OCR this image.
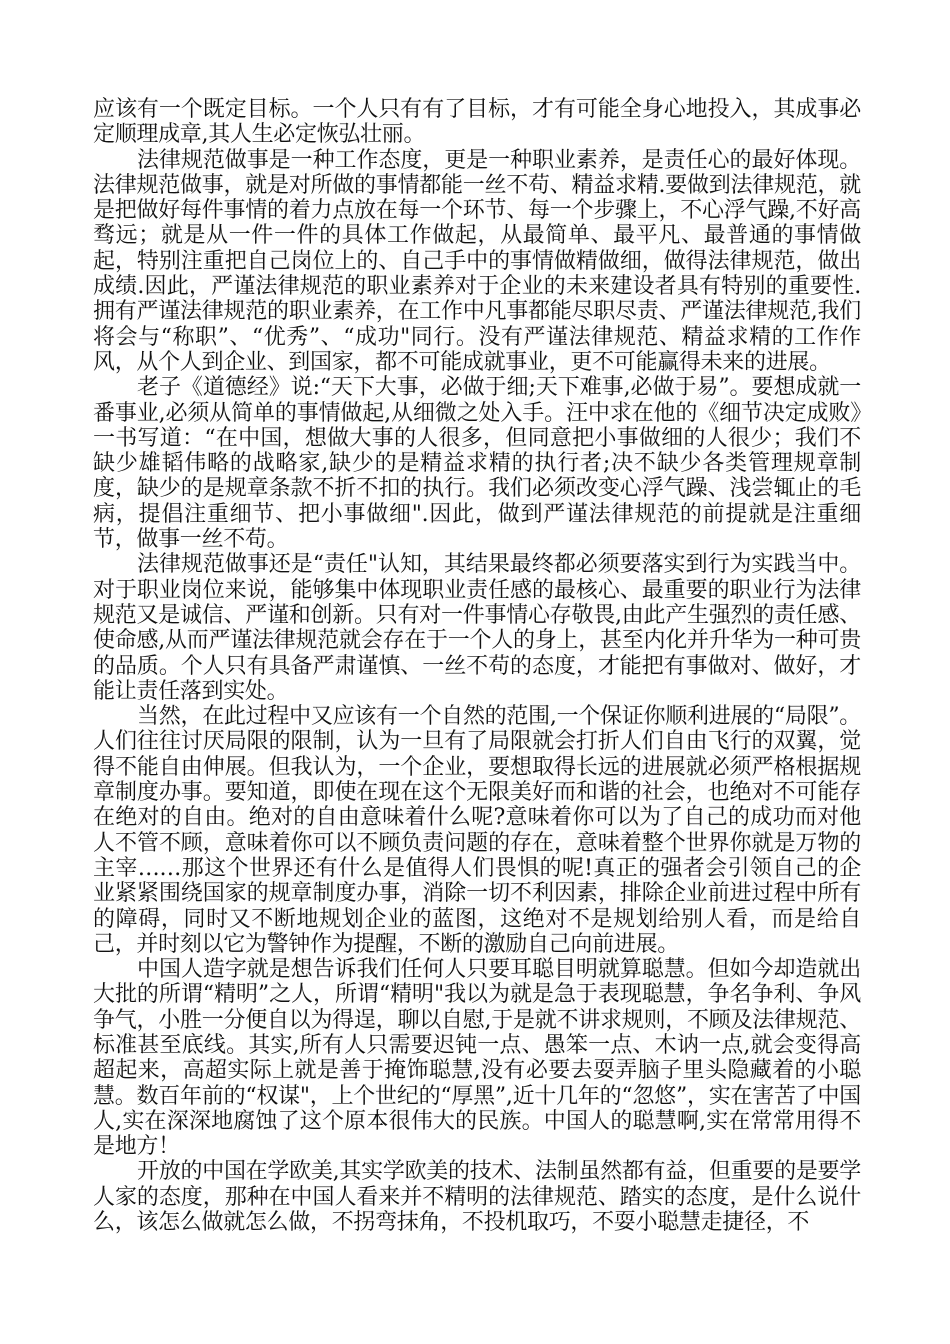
应该有一个既定目标。一个人只有有了目标，才有可能全身心地投入，其成事必定顺理成章,其人生必定恢弘壮丽。

法律规范做事是一种工作态度，更是一种职业素养，是责任心的最好体现。法律规范做事，就是对所做的事情都能一丝不苟、精益求精.要做到法律规范，就是把做好每件事情的着力点放在每一个环节、每一个步骤上，不心浮气躁,不好高骛远；就是从一件一件的具体工作做起，从最简单、最平凡、最普通的事情做起，特别注重把自己岗位上的、自己手中的事情做精做细，做得法律规范，做出成绩.因此，严谨法律规范的职业素养对于企业的未来建设者具有特别的重要性.拥有严谨法律规范的职业素养，在工作中凡事都能尽职尽责、严谨法律规范,我们将会与“称职”、“优秀”、“成功"同行。没有严谨法律规范、精益求精的工作作风，从个人到企业、到国家，都不可能成就事业，更不可能赢得未来的进展。

老子《道德经》说:“天下大事，必做于细;天下难事,必做于易”。要想成就一番事业,必须从简单的事情做起,从细微之处入手。汪中求在他的《细节决定成败》一书写道：“在中国，想做大事的人很多，但同意把小事做细的人很少；我们不缺少雄韬伟略的战略家,缺少的是精益求精的执行者;决不缺少各类管理规章制度，缺少的是规章条款不折不扣的执行。我们必须改变心浮气躁、浅尝辄止的毛病，提倡注重细节、把小事做细".因此，做到严谨法律规范的前提就是注重细节，做事一丝不苟。

法律规范做事还是“责任"认知，其结果最终都必须要落实到行为实践当中。对于职业岗位来说，能够集中体现职业责任感的最核心、最重要的职业行为法律规范又是诚信、严谨和创新。只有对一件事情心存敬畏,由此产生强烈的责任感、使命感,从而严谨法律规范就会存在于一个人的身上，甚至内化并升华为一种可贵的品质。个人只有具备严肃谨慎、一丝不苟的态度，才能把有事做对、做好，才能让责任落到实处。

当然，在此过程中又应该有一个自然的范围,一个保证你顺利进展的“局限”。人们往往讨厌局限的限制，认为一旦有了局限就会打折人们自由飞行的双翼，觉得不能自由伸展。但我认为，一个企业，要想取得长远的进展就必须严格根据规章制度办事。要知道，即使在现在这个无限美好而和谐的社会，也绝对不可能存在绝对的自由。绝对的自由意味着什么呢?意味着你可以为了自己的成功而对他人不管不顾，意味着你可以不顾负责问题的存在，意味着整个世界你就是万物的主宰……那这个世界还有什么是值得人们畏惧的呢!真正的强者会引领自己的企业紧紧围绕国家的规章制度办事，消除一切不利因素，排除企业前进过程中所有的障碍，同时又不断地规划企业的蓝图，这绝对不是规划给别人看，而是给自己，并时刻以它为警钟作为提醒，不断的激励自己向前进展。

中国人造字就是想告诉我们任何人只要耳聪目明就算聪慧。但如今却造就出大批的所谓“精明”之人，所谓“精明"我以为就是急于表现聪慧，争名争利、争风争气，小胜一分便自以为得逞，聊以自慰,于是就不讲求规则，不顾及法律规范、标准甚至底线。其实,所有人只需要迟钝一点、愚笨一点、木讷一点,就会变得高超起来，高超实际上就是善于掩饰聪慧,没有必要去耍弄脑子里头隐藏着的小聪慧。数百年前的“权谋"，上个世纪的“厚黑”,近十几年的“忽悠”，实在害苦了中国人,实在深深地腐蚀了这个原本很伟大的民族。中国人的聪慧啊,实在常常用得不是地方！

开放的中国在学欧美,其实学欧美的技术、法制虽然都有益，但重要的是要学人家的态度，那种在中国人看来并不精明的法律规范、踏实的态度，是什么说什么，该怎么做就怎么做，不拐弯抹角，不投机取巧，不耍小聪慧走捷径，不
